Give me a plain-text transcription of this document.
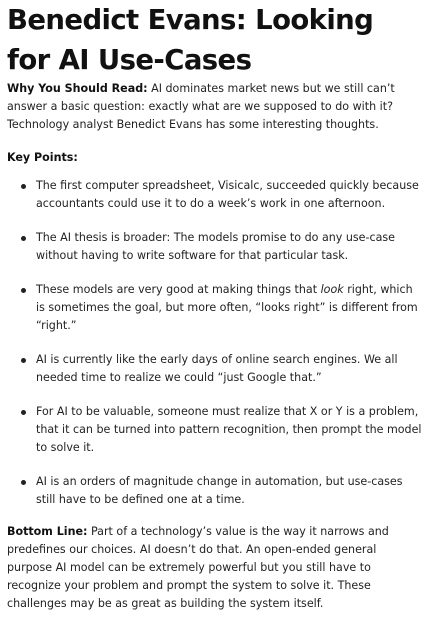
Benedict Evans: Looking for AI Use-Cases

Why You Should Read: AI dominates market news but we still can’t answer a basic question: exactly what are we supposed to do with it? Technology analyst Benedict Evans has some interesting thoughts.

Key Points:
The first computer spreadsheet, Visicalc, succeeded quickly because accountants could use it to do a week’s work in one afternoon.
The AI thesis is broader: The models promise to do any use-case without having to write software for that particular task.
These models are very good at making things that look right, which is sometimes the goal, but more often, “looks right” is different from “right.”
AI is currently like the early days of online search engines. We all needed time to realize we could “just Google that.”
For AI to be valuable, someone must realize that X or Y is a problem, that it can be turned into pattern recognition, then prompt the model to solve it.
AI is an orders of magnitude change in automation, but use-cases still have to be defined one at a time.

Bottom Line: Part of a technology’s value is the way it narrows and predefines our choices. AI doesn’t do that. An open-ended general purpose AI model can be extremely powerful but you still have to recognize your problem and prompt the system to solve it. These challenges may be as great as building the system itself.
